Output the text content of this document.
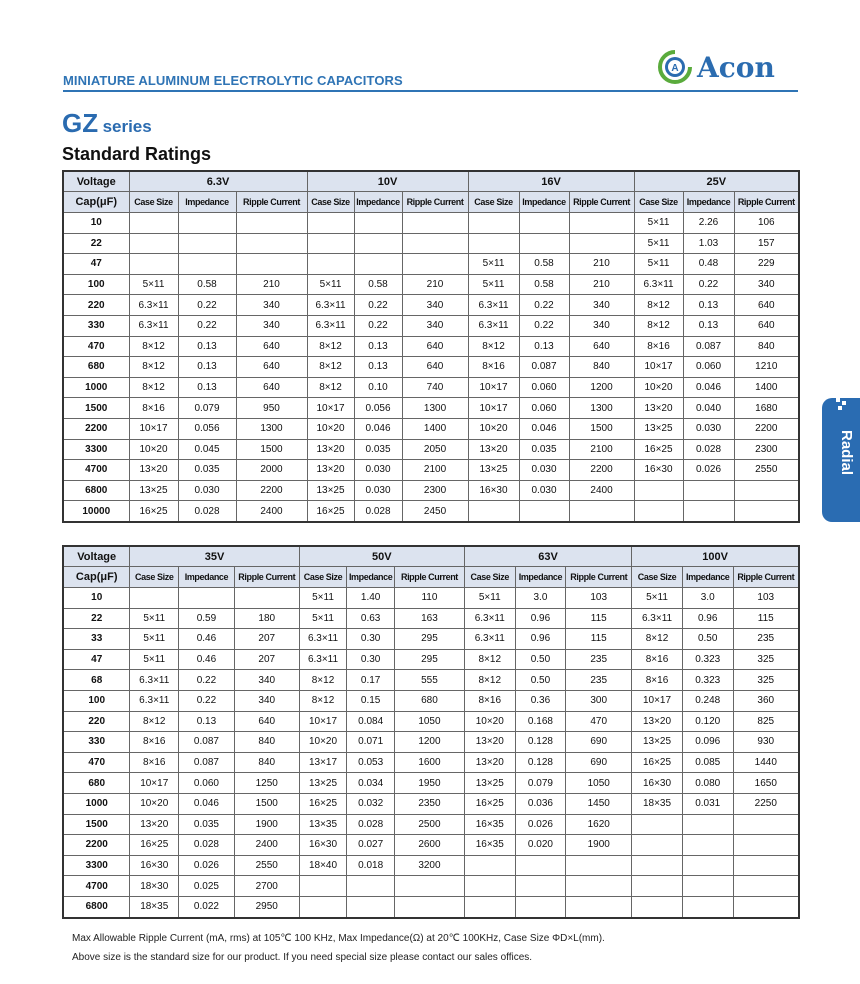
MINIATURE ALUMINUM ELECTROLYTIC CAPACITORS
A Acon
GZ series
Standard Ratings
Voltage	6.3V			10V			16V			25V		
Cap(μF)	Case Size	Impedance	Ripple Current	Case Size	Impedance	Ripple Current	Case Size	Impedance	Ripple Current	Case Size	Impedance	Ripple Current
10										5×11	2.26	106
22										5×11	1.03	157
47							5×11	0.58	210	5×11	0.48	229
100	5×11	0.58	210	5×11	0.58	210	5×11	0.58	210	6.3×11	0.22	340
220	6.3×11	0.22	340	6.3×11	0.22	340	6.3×11	0.22	340	8×12	0.13	640
330	6.3×11	0.22	340	6.3×11	0.22	340	6.3×11	0.22	340	8×12	0.13	640
470	8×12	0.13	640	8×12	0.13	640	8×12	0.13	640	8×16	0.087	840
680	8×12	0.13	640	8×12	0.13	640	8×16	0.087	840	10×17	0.060	1210
1000	8×12	0.13	640	8×12	0.10	740	10×17	0.060	1200	10×20	0.046	1400
1500	8×16	0.079	950	10×17	0.056	1300	10×17	0.060	1300	13×20	0.040	1680
2200	10×17	0.056	1300	10×20	0.046	1400	10×20	0.046	1500	13×25	0.030	2200
3300	10×20	0.045	1500	13×20	0.035	2050	13×20	0.035	2100	16×25	0.028	2300
4700	13×20	0.035	2000	13×20	0.030	2100	13×25	0.030	2200	16×30	0.026	2550
6800	13×25	0.030	2200	13×25	0.030	2300	16×30	0.030	2400			
10000	16×25	0.028	2400	16×25	0.028	2450						
Voltage	35V			50V			63V			100V		
Cap(μF)	Case Size	Impedance	Ripple Current	Case Size	Impedance	Ripple Current	Case Size	Impedance	Ripple Current	Case Size	Impedance	Ripple Current
10				5×11	1.40	110	5×11	3.0	103	5×11	3.0	103
22	5×11	0.59	180	5×11	0.63	163	6.3×11	0.96	115	6.3×11	0.96	115
33	5×11	0.46	207	6.3×11	0.30	295	6.3×11	0.96	115	8×12	0.50	235
47	5×11	0.46	207	6.3×11	0.30	295	8×12	0.50	235	8×16	0.323	325
68	6.3×11	0.22	340	8×12	0.17	555	8×12	0.50	235	8×16	0.323	325
100	6.3×11	0.22	340	8×12	0.15	680	8×16	0.36	300	10×17	0.248	360
220	8×12	0.13	640	10×17	0.084	1050	10×20	0.168	470	13×20	0.120	825
330	8×16	0.087	840	10×20	0.071	1200	13×20	0.128	690	13×25	0.096	930
470	8×16	0.087	840	13×17	0.053	1600	13×20	0.128	690	16×25	0.085	1440
680	10×17	0.060	1250	13×25	0.034	1950	13×25	0.079	1050	16×30	0.080	1650
1000	10×20	0.046	1500	16×25	0.032	2350	16×25	0.036	1450	18×35	0.031	2250
1500	13×20	0.035	1900	13×35	0.028	2500	16×35	0.026	1620			
2200	16×25	0.028	2400	16×30	0.027	2600	16×35	0.020	1900			
3300	16×30	0.026	2550	18×40	0.018	3200						
4700	18×30	0.025	2700									
6800	18×35	0.022	2950									
Radial
Max Allowable Ripple Current (mA, rms) at 105℃ 100 KHz, Max Impedance(Ω) at 20℃ 100KHz, Case Size ΦD×L(mm).
Above size is the standard size for our product. If you need special size please contact our sales offices.
